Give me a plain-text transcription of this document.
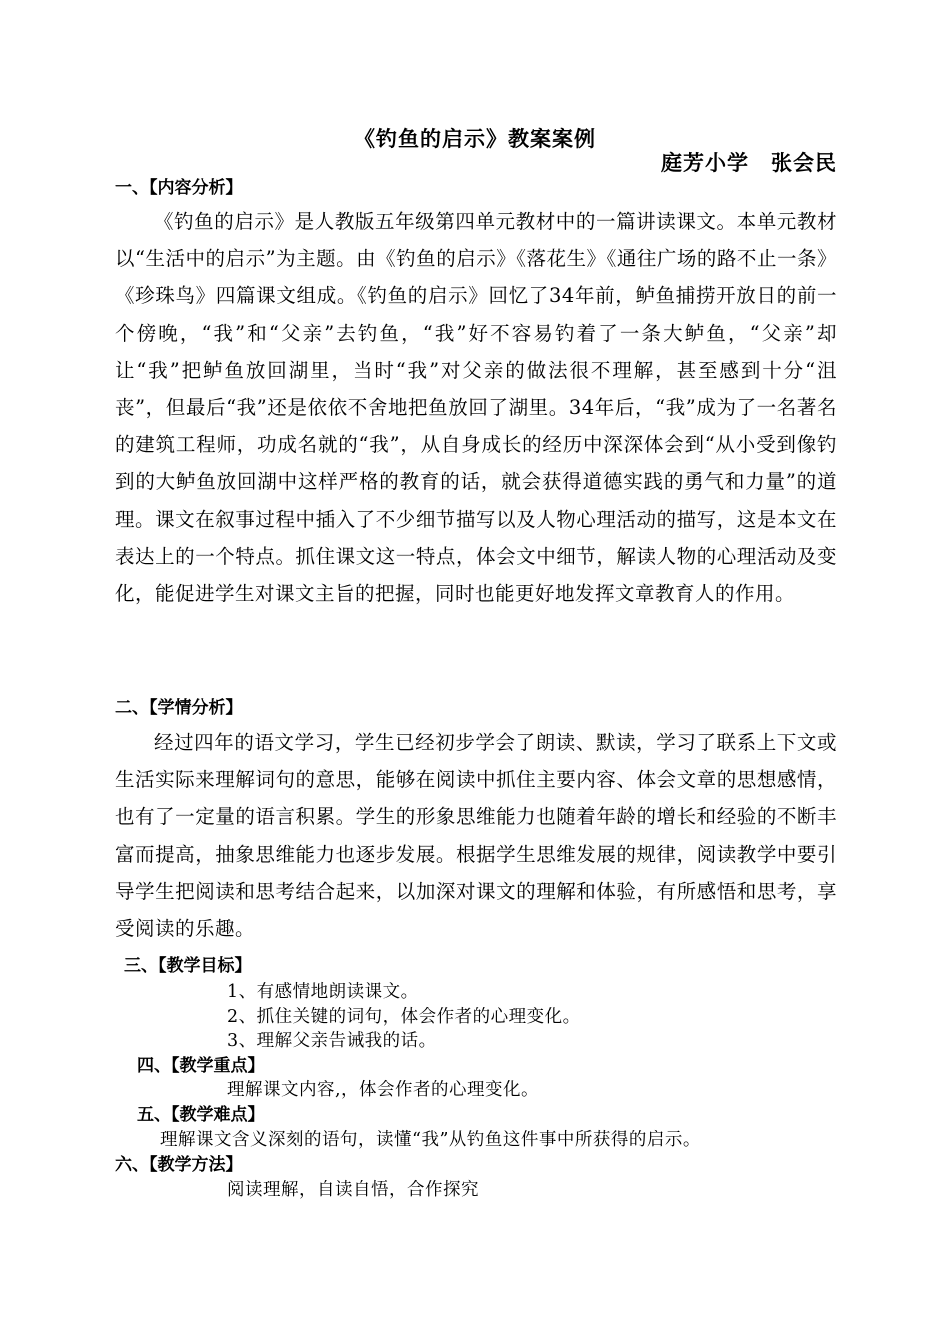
《钓鱼的启示》教案案例
庭芳小学　张会民
一、【内容分析】
《钓鱼的启示》是人教版五年级第四单元教材中的一篇讲读课文。本单元教材以“生活中的启示”为主题。由《钓鱼的启示》《落花生》《通往广场的路不止一条》《珍珠鸟》四篇课文组成。《钓鱼的启示》回忆了34年前，鲈鱼捕捞开放日的前一个傍晚，“我”和“父亲”去钓鱼，“我”好不容易钓着了一条大鲈鱼，“父亲”却让“我”把鲈鱼放回湖里，当时“我”对父亲的做法很不理解，甚至感到十分“沮丧”，但最后“我”还是依依不舍地把鱼放回了湖里。34年后，“我”成为了一名著名的建筑工程师，功成名就的“我”，从自身成长的经历中深深体会到“从小受到像钓到的大鲈鱼放回湖中这样严格的教育的话，就会获得道德实践的勇气和力量”的道理。课文在叙事过程中插入了不少细节描写以及人物心理活动的描写，这是本文在表达上的一个特点。抓住课文这一特点，体会文中细节，解读人物的心理活动及变化，能促进学生对课文主旨的把握，同时也能更好地发挥文章教育人的作用。
二、【学情分析】
经过四年的语文学习，学生已经初步学会了朗读、默读，学习了联系上下文或生活实际来理解词句的意思，能够在阅读中抓住主要内容、体会文章的思想感情，也有了一定量的语言积累。学生的形象思维能力也随着年龄的增长和经验的不断丰富而提高，抽象思维能力也逐步发展。根据学生思维发展的规律，阅读教学中要引导学生把阅读和思考结合起来，以加深对课文的理解和体验，有所感悟和思考，享受阅读的乐趣。
三、【教学目标】
1、有感情地朗读课文。
2、抓住关键的词句，体会作者的心理变化。
3、理解父亲告诫我的话。
四、【教学重点】
理解课文内容,，体会作者的心理变化。
五、【教学难点】
理解课文含义深刻的语句，读懂“我”从钓鱼这件事中所获得的启示。
六、【教学方法】
阅读理解，自读自悟，合作探究
